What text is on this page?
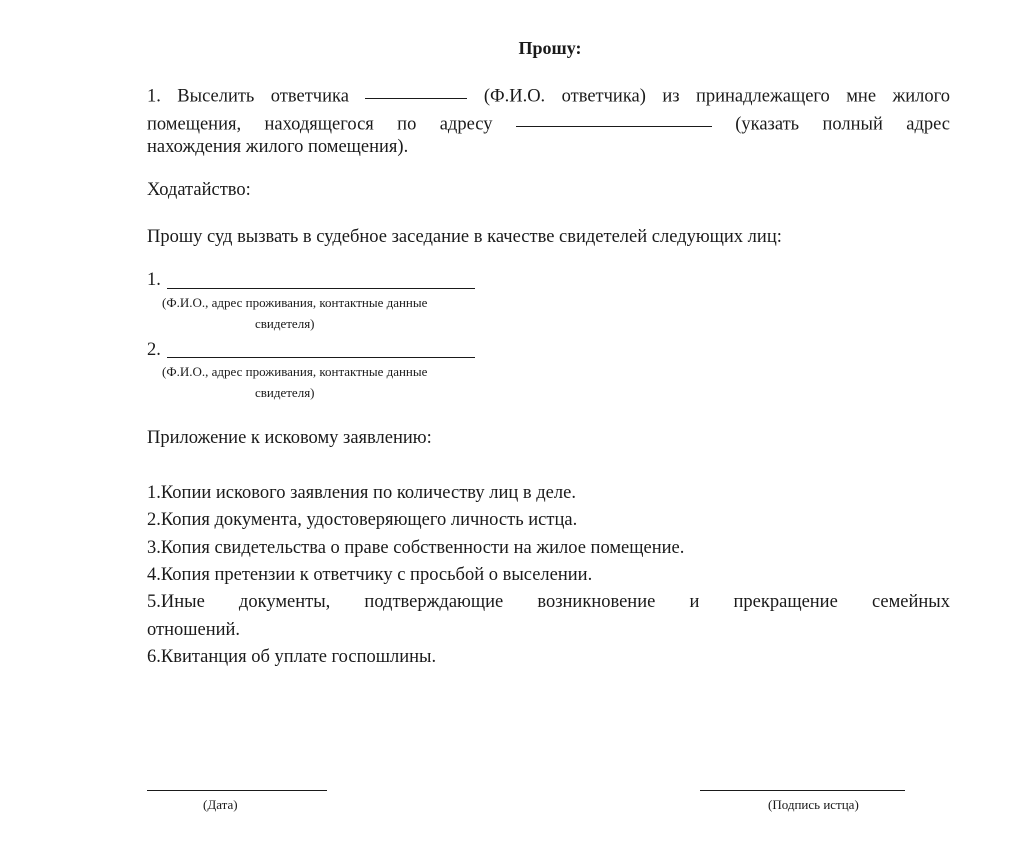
Прошу:
1. Выселить ответчика	(Ф.И.О. ответчика) из принадлежащего мне жилого
помещения, находящегося по адресу	(указать полный адрес
нахождения жилого помещения).
Ходатайство:
Прошу суд вызвать в судебное заседание в качестве свидетелей следующих лиц:
1.
(Ф.И.О., адрес проживания, контактные данные
свидетеля)
2.
(Ф.И.О., адрес проживания, контактные данные
свидетеля)
Приложение к исковому заявлению:
1.Копии искового заявления по количеству лиц в деле.
2.Копия документа, удостоверяющего личность истца.
3.Копия свидетельства о праве собственности на жилое помещение.
4.Копия претензии к ответчику с просьбой о выселении.
5.Иные документы, подтверждающие возникновение и прекращение семейных
отношений.
6.Квитанция об уплате госпошлины.
(Дата)	(Подпись истца)
